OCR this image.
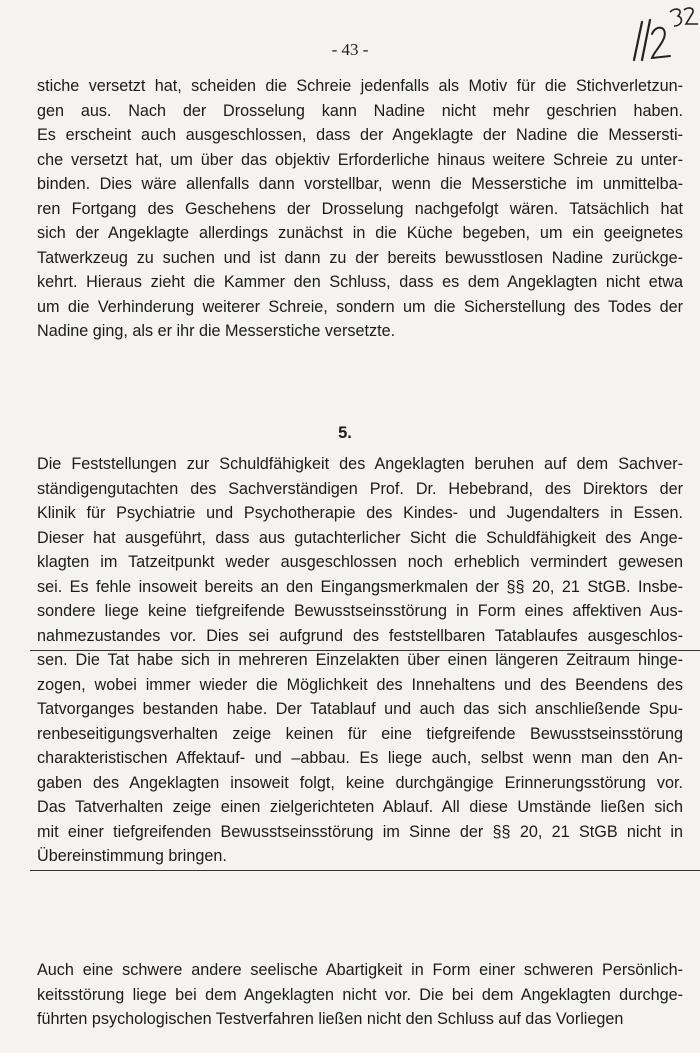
- 43 -
stiche versetzt hat, scheiden die Schreie jedenfalls als Motiv für die Stichverletzun-
gen aus. Nach der Drosselung kann Nadine nicht mehr geschrien haben.
Es erscheint auch ausgeschlossen, dass der Angeklagte der Nadine die Messersti-
che versetzt hat, um über das objektiv Erforderliche hinaus weitere Schreie zu unter-
binden. Dies wäre allenfalls dann vorstellbar, wenn die Messerstiche im unmittelba-
ren Fortgang des Geschehens der Drosselung nachgefolgt wären. Tatsächlich hat
sich der Angeklagte allerdings zunächst in die Küche begeben, um ein geeignetes
Tatwerkzeug zu suchen und ist dann zu der bereits bewusstlosen Nadine zurückge-
kehrt. Hieraus zieht die Kammer den Schluss, dass es dem Angeklagten nicht etwa
um die Verhinderung weiterer Schreie, sondern um die Sicherstellung des Todes der
Nadine ging, als er ihr die Messerstiche versetzte.
5.
Die Feststellungen zur Schuldfähigkeit des Angeklagten beruhen auf dem Sachver-
ständigengutachten des Sachverständigen Prof. Dr. Hebebrand, des Direktors der
Klinik für Psychiatrie und Psychotherapie des Kindes- und Jugendalters in Essen.
Dieser hat ausgeführt, dass aus gutachterlicher Sicht die Schuldfähigkeit des Ange-
klagten im Tatzeitpunkt weder ausgeschlossen noch erheblich vermindert gewesen
sei. Es fehle insoweit bereits an den Eingangsmerkmalen der §§ 20, 21 StGB. Insbe-
sondere liege keine tiefgreifende Bewusstseinsstörung in Form eines affektiven Aus-
nahmezustandes vor. Dies sei aufgrund des feststellbaren Tatablaufes ausgeschlos-
sen. Die Tat habe sich in mehreren Einzelakten über einen längeren Zeitraum hinge-
zogen, wobei immer wieder die Möglichkeit des Innehaltens und des Beendens des
Tatvorganges bestanden habe. Der Tatablauf und auch das sich anschließende Spu-
renbeseitigungsverhalten zeige keinen für eine tiefgreifende Bewusstseinsstörung
charakteristischen Affektauf- und –abbau. Es liege auch, selbst wenn man den An-
gaben des Angeklagten insoweit folgt, keine durchgängige Erinnerungsstörung vor.
Das Tatverhalten zeige einen zielgerichteten Ablauf. All diese Umstände ließen sich
mit einer tiefgreifenden Bewusstseinsstörung im Sinne der §§ 20, 21 StGB nicht in
Übereinstimmung bringen.
Auch eine schwere andere seelische Abartigkeit in Form einer schweren Persönlich-
keitsstörung liege bei dem Angeklagten nicht vor. Die bei dem Angeklagten durchge-
führten psychologischen Testverfahren ließen nicht den Schluss auf das Vorliegen
